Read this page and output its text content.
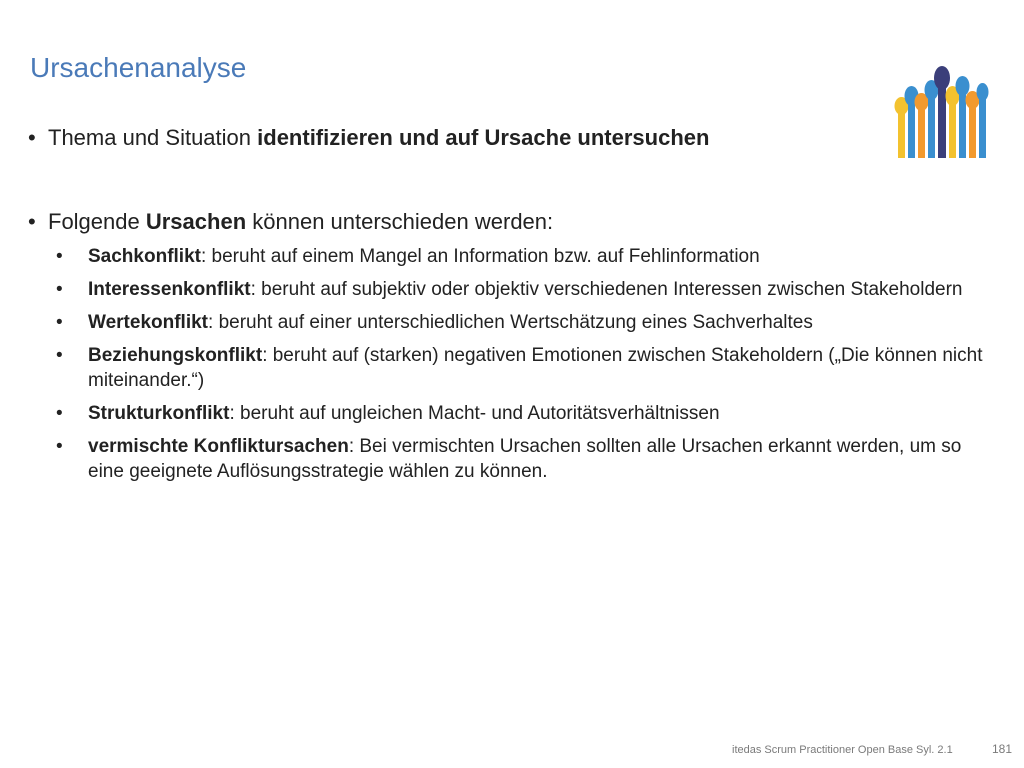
Ursachenanalyse
• Thema und Situation identifizieren und auf Ursache untersuchen
• Folgende Ursachen können unterschieden werden:
• Sachkonflikt: beruht auf einem Mangel an Information bzw. auf Fehlinformation
• Interessenkonflikt: beruht auf subjektiv oder objektiv verschiedenen Interessen zwischen Stakeholdern
• Wertekonflikt: beruht auf einer unterschiedlichen Wertschätzung eines Sachverhaltes
• Beziehungskonflikt: beruht auf (starken) negativen Emotionen zwischen Stakeholdern („Die können nicht miteinander.“)
• Strukturkonflikt: beruht auf ungleichen Macht- und Autoritätsverhältnissen
• vermischte Konfliktursachen: Bei vermischten Ursachen sollten alle Ursachen erkannt werden, um so eine geeignete Auflösungsstrategie wählen zu können.
itedas Scrum Practitioner Open Base Syl. 2.1	181
